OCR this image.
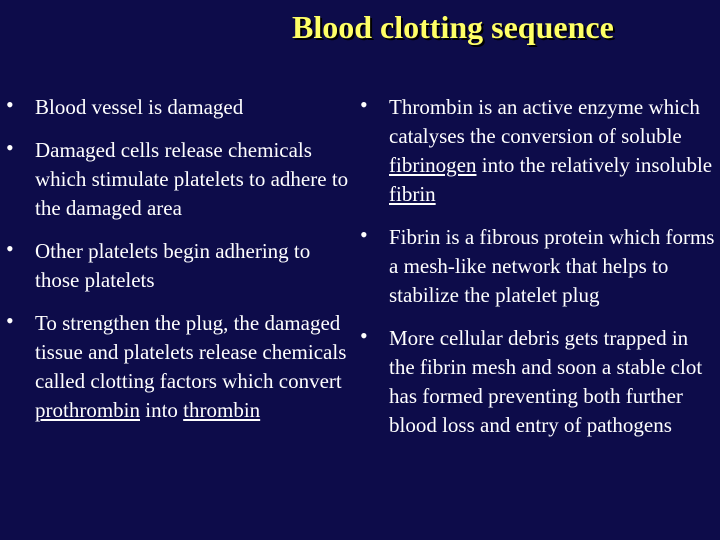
Blood clotting sequence
• Blood vessel is damaged
• Damaged cells release chemicals which stimulate platelets to adhere to the damaged area
• Other platelets begin adhering to those platelets
• To strengthen the plug, the damaged tissue and platelets release chemicals called clotting factors which convert prothrombin into thrombin
• Thrombin is an active enzyme which catalyses the conversion of soluble fibrinogen into the relatively insoluble fibrin
• Fibrin is a fibrous protein which forms a mesh-like network that helps to stabilize the platelet plug
• More cellular debris gets trapped in the fibrin mesh and soon a stable clot has formed preventing both further blood loss and entry of pathogens
